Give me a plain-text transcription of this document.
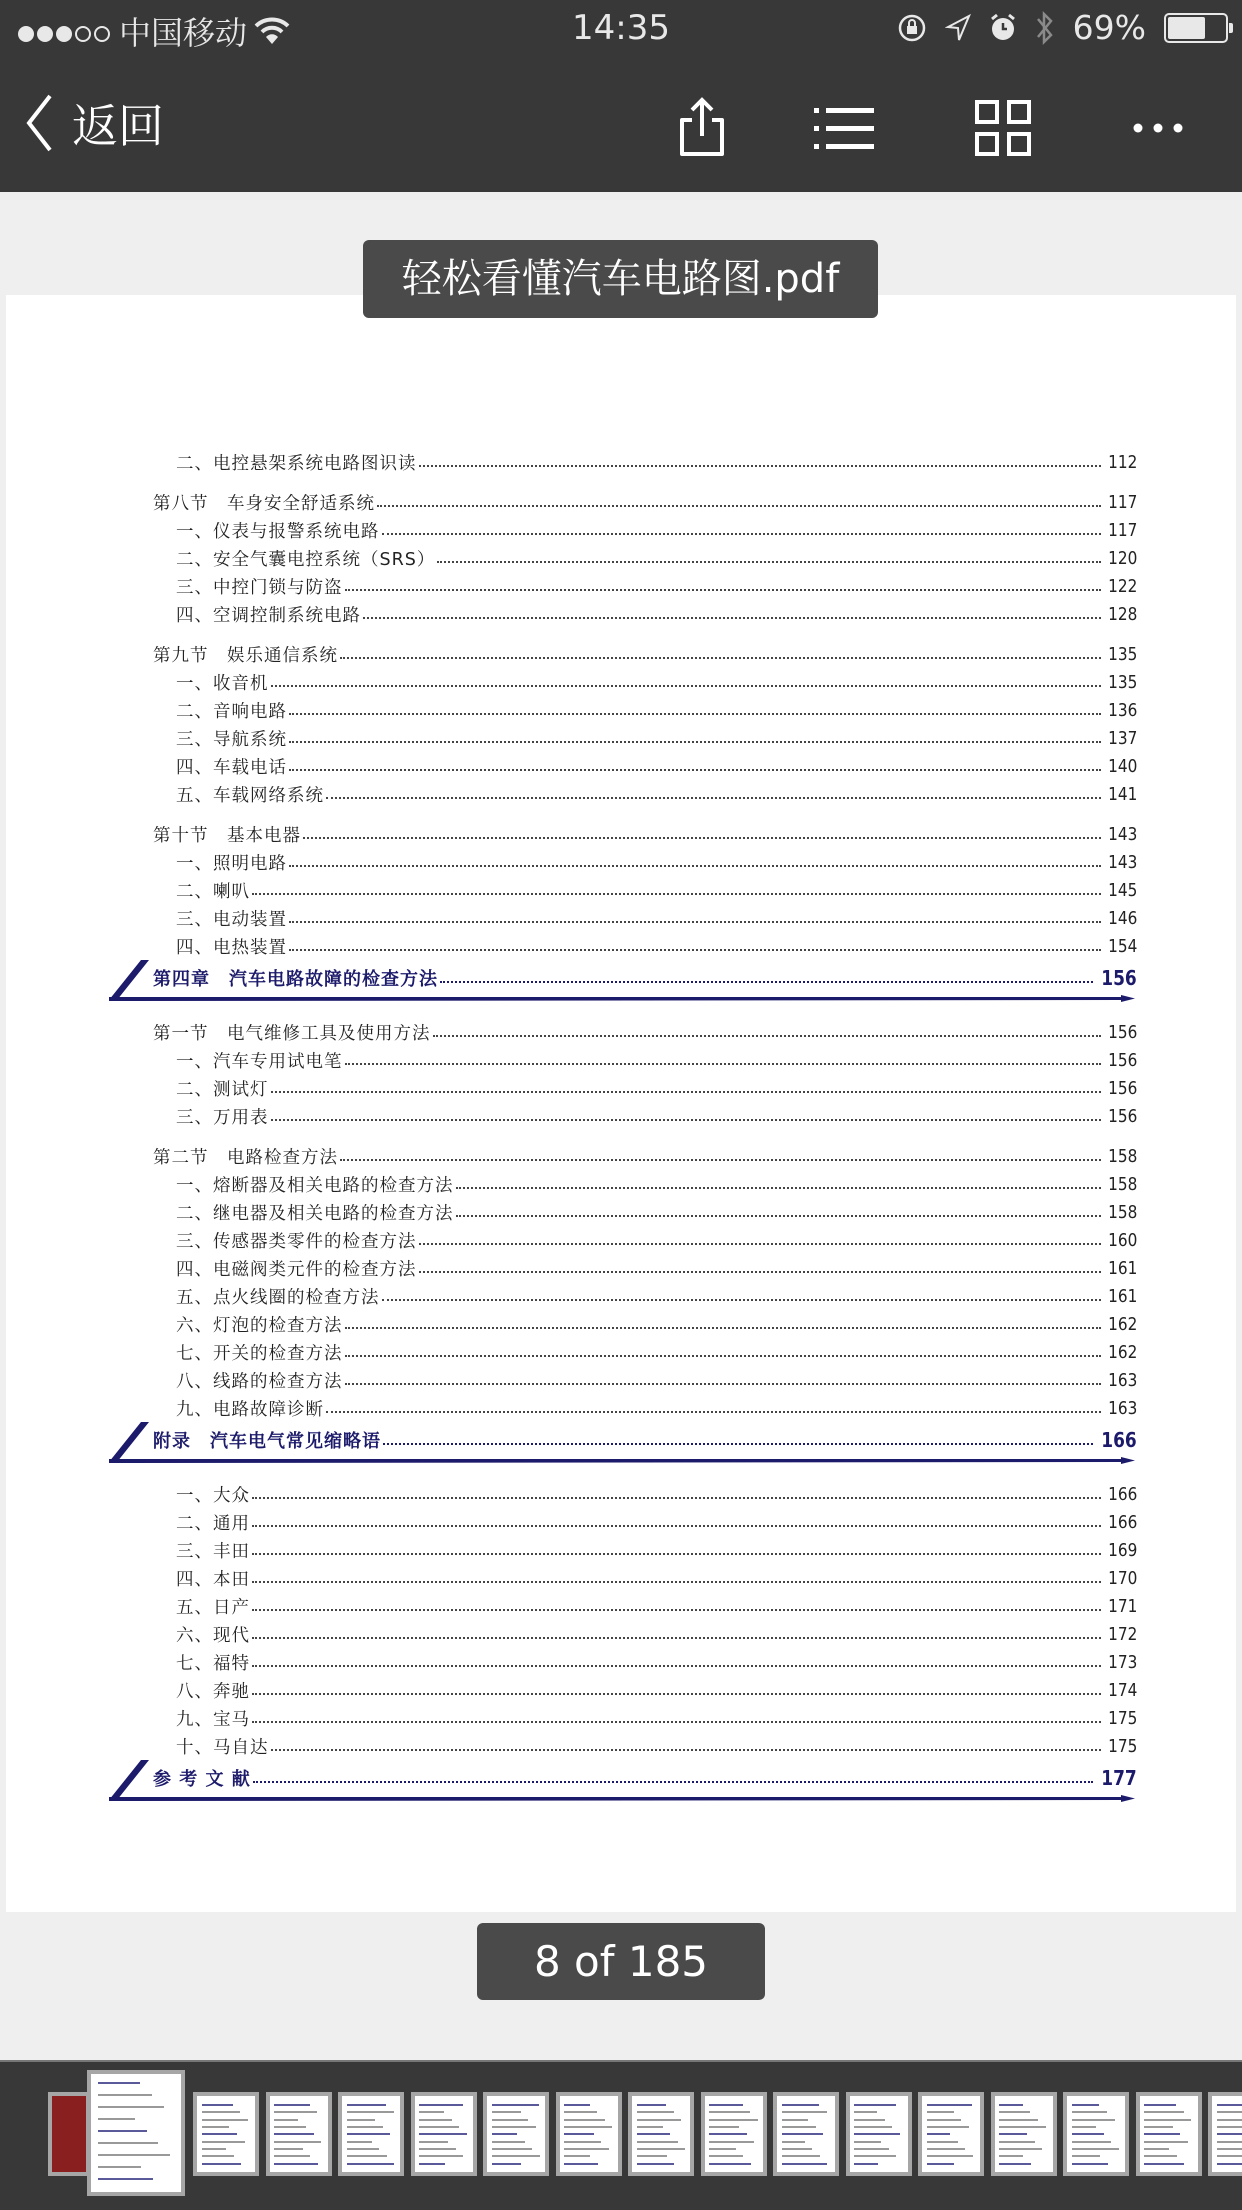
中国移动	14:35	69%
返回
轻松看懂汽车电路图.pdf
二、电控悬架系统电路图识读	112
第八节　车身安全舒适系统	117
一、仪表与报警系统电路	117
二、安全气囊电控系统（SRS）	120
三、中控门锁与防盗	122
四、空调控制系统电路	128
第九节　娱乐通信系统	135
一、收音机	135
二、音响电路	136
三、导航系统	137
四、车载电话	140
五、车载网络系统	141
第十节　基本电器	143
一、照明电路	143
二、喇叭	145
三、电动装置	146
四、电热装置	154
第四章　汽车电路故障的检查方法	156
第一节　电气维修工具及使用方法	156
一、汽车专用试电笔	156
二、测试灯	156
三、万用表	156
第二节　电路检查方法	158
一、熔断器及相关电路的检查方法	158
二、继电器及相关电路的检查方法	158
三、传感器类零件的检查方法	160
四、电磁阀类元件的检查方法	161
五、点火线圈的检查方法	161
六、灯泡的检查方法	162
七、开关的检查方法	162
八、线路的检查方法	163
九、电路故障诊断	163
附录　汽车电气常见缩略语	166
一、大众	166
二、通用	166
三、丰田	169
四、本田	170
五、日产	171
六、现代	172
七、福特	173
八、奔驰	174
九、宝马	175
十、马自达	175
参 考 文 献	177
8 of 185
